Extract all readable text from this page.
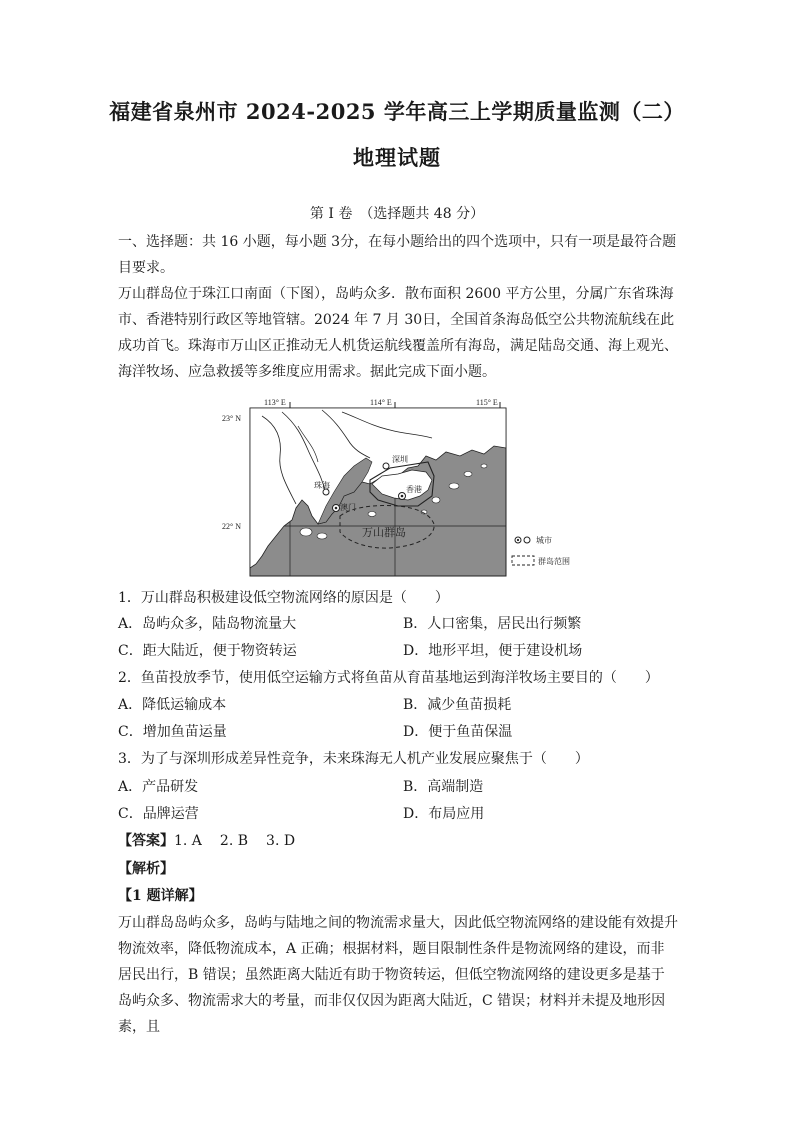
福建省泉州市 2024-2025 学年高三上学期质量监测（二）
地理试题
第 I 卷　（选择题共 48 分）
一、选择题：共 16 小题，每小题 3分，在每小题给出的四个选项中，只有一项是最符合题目要求。
万山群岛位于珠江口南面（下图），岛屿众多．散布面积 2600 平方公里，分属广东省珠海市、香港特别行政区等地管辖。2024 年 7 月 30日，全国首条海岛低空公共物流航线在此成功首飞。珠海市万山区正推动无人机货运航线覆盖所有海岛，满足陆岛交通、海上观光、海洋牧场、应急救援等多维度应用需求。据此完成下面小题。
113° E	114° E	115° E
23° N
22° N
深圳
珠海	香港
澳门
万山群岛
城市
群岛范围
1．万山群岛积极建设低空物流网络的原因是（　　）
A．岛屿众多，陆岛物流量大	B．人口密集，居民出行频繁
C．距大陆近，便于物资转运	D．地形平坦，便于建设机场
2．鱼苗投放季节，使用低空运输方式将鱼苗从育苗基地运到海洋牧场主要目的（　　）
A．降低运输成本	B．减少鱼苗损耗
C．增加鱼苗运量	D．便于鱼苗保温
3．为了与深圳形成差异性竞争，未来珠海无人机产业发展应聚焦于（　　）
A．产品研发	B．高端制造
C．品牌运营	D．布局应用
【答案】1. A 2. B 3. D
【解析】
【1 题详解】
万山群岛岛屿众多，岛屿与陆地之间的物流需求量大，因此低空物流网络的建设能有效提升物流效率，降低物流成本，A 正确；根据材料，题目限制性条件是物流网络的建设，而非居民出行，B 错误；虽然距离大陆近有助于物资转运，但低空物流网络的建设更多是基于岛屿众多、物流需求大的考量，而非仅仅因为距离大陆近，C 错误；材料并未提及地形因素，且
